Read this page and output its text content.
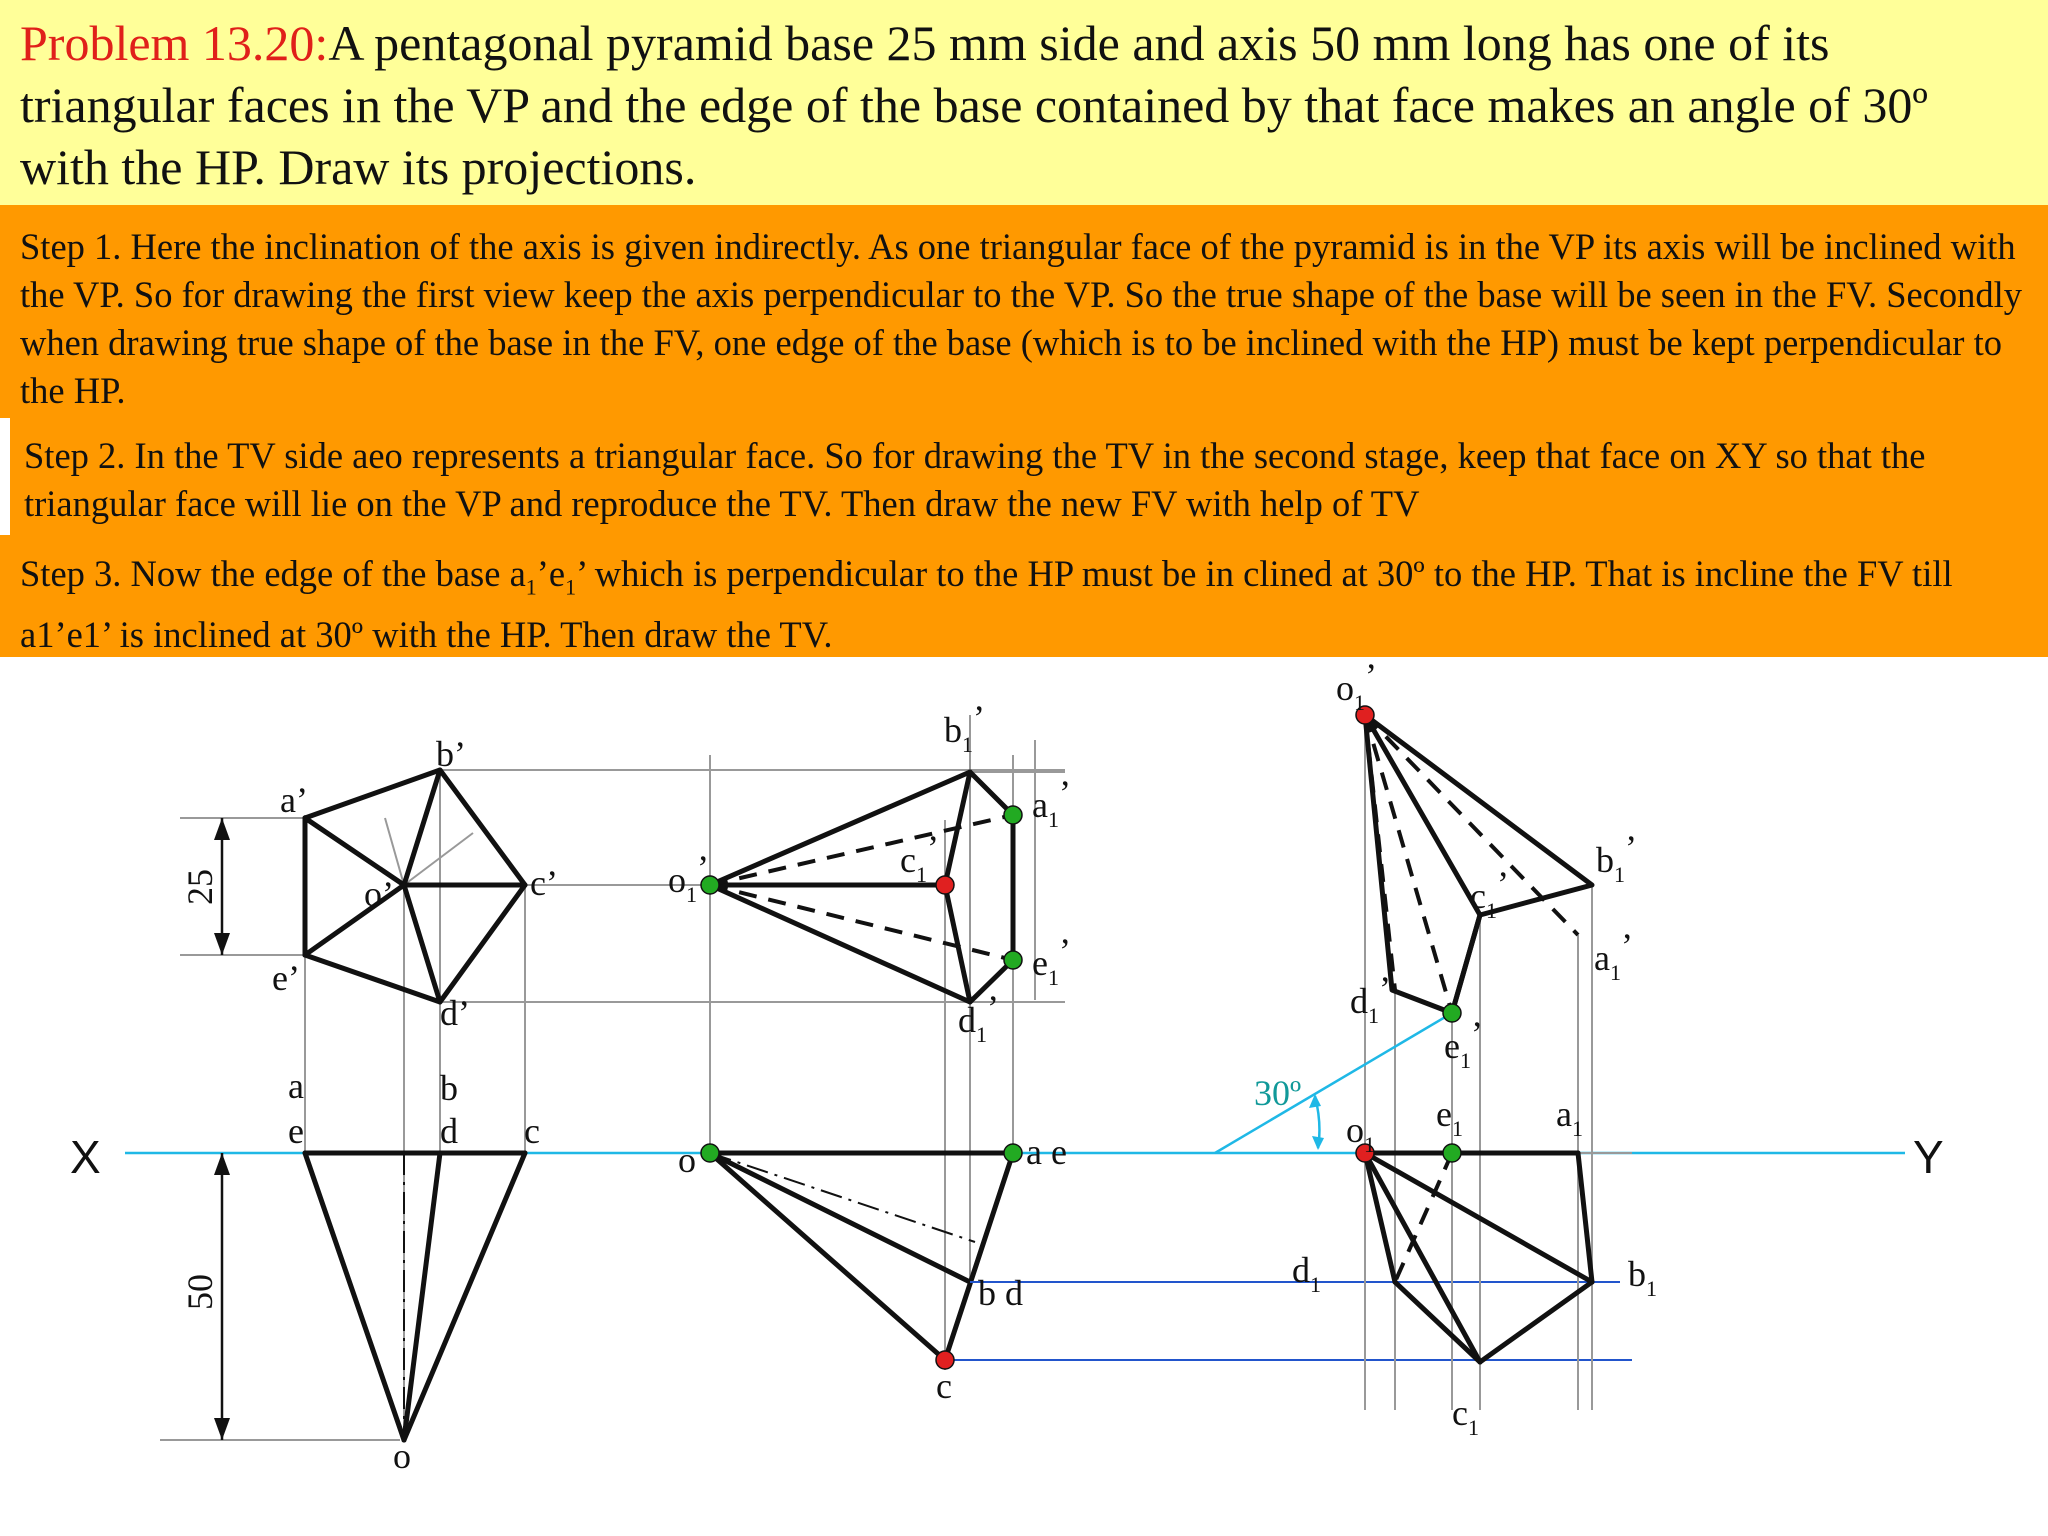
Problem 13.20:A pentagonal pyramid base 25 mm side and axis 50 mm long has one of its triangular faces in the VP and the edge of the base contained by that face makes an angle of 30º with the HP. Draw its projections.
Step 1. Here the inclination of the axis is given indirectly. As one triangular face of the pyramid is in the VP its axis will be inclined with the VP. So for drawing the first view keep the axis perpendicular to the VP. So the true shape of the base will be seen in the FV. Secondly when drawing true shape of the base in the FV, one edge of the base (which is to be inclined with the HP) must be kept perpendicular to the HP.
Step 2. In the TV side aeo represents a triangular face. So for drawing the TV in the second stage, keep that face on XY so that the triangular face will lie on the VP and reproduce the TV. Then draw the new FV with help of TV
Step 3. Now the edge of the base $a_1’e_1$’ which is perpendicular to the HP must be in clined at 30º to the HP. That is incline the FV till a1’e1’ is inclined at 30º with the HP. Then draw the TV.
X	Y
25
50
a’
b’
c’
d’
e’
o’
a
e
b
d c
o
$b_1$’
$a_1$’
$c_1$’
$o_1$’
$e_1$’
$d_1$’
o	a e
b d
c
30º
$o_1$’
$b_1$’
$a_1$’
$c_1$’
$d_1$’
$e_1$’
$o_1$
$e_1$	$a_1$
$d_1$	$b_1$
$c_1$
